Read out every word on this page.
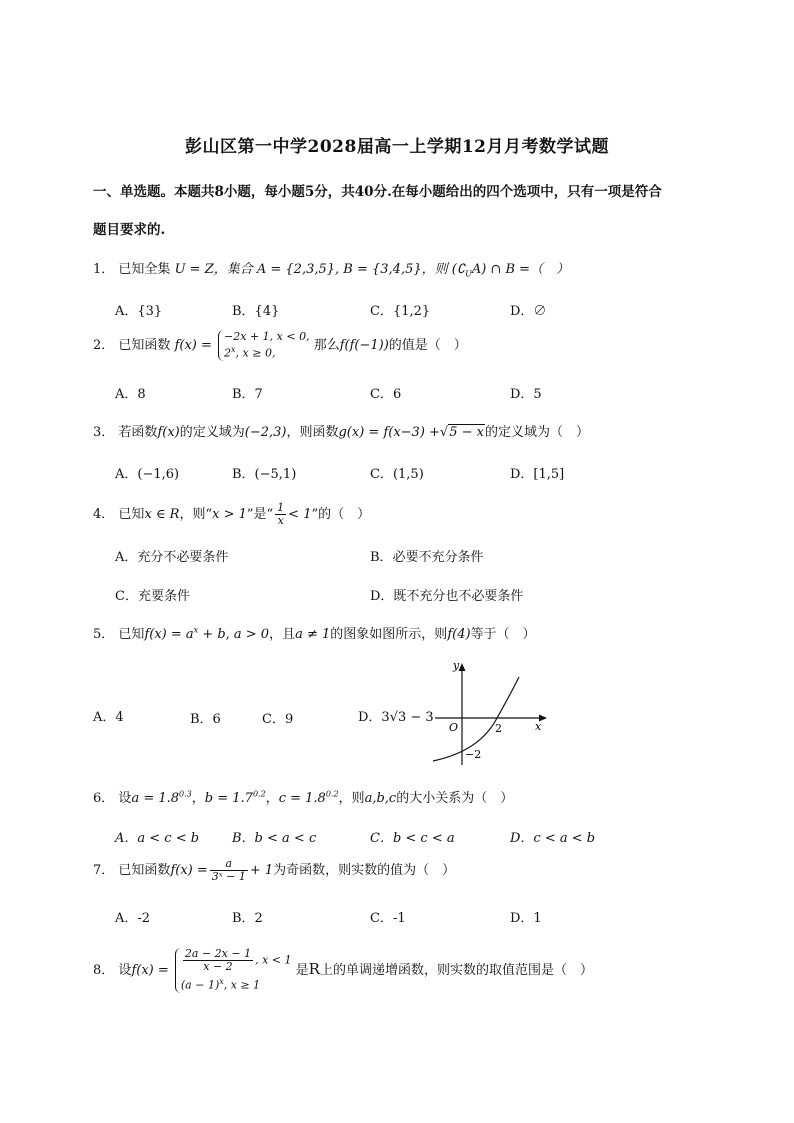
彭山区第一中学2028届高一上学期12月月考数学试题
一、单选题。本题共8小题，每小题5分，共40分.在每小题给出的四个选项中，只有一项是符合
题目要求的.
1． 已知全集 U = Z，集合 A = {2,3,5}, B = {3,4,5}，则 $(∁_UA)$ ∩ B =（　）
A．{3}	B．{4}	C．{1,2}	D．∅
2． 已知函数 f(x) =
−2x + 1, x < 0,
2$^x$, x ≥ 0,	那么f(f(−1))的值是（　）
A．8	B．7	C．6	D．5
3． 若函数f(x)的定义域为(−2,3)，则函数g(x) = f(x−3) +√5 − x的定义域为（　）
A．(−1,6)	B．(−5,1)	C．(1,5)	D．[1,5]
4． 已知x ∈ R，则“x > 1”是“ $\frac{1}{x} < 1$”的（　）
A．充分不必要条件	B．必要不充分条件
C．充要条件	D．既不充分也不必要条件
5． 已知$f(x) = a^x + b$, a > 0，且a ≠ 1的图象如图所示，则f(4)等于（　）
A．4	B．6	C．9	D．3√3 − 3
y
x
O	2
−2
6． 设$a = 1.8^{0.3}$，$b = 1.7^{0.2}$，$c = 1.8^{0.2}$，则a,b,c的大小关系为（　）
A．a < c < b	B．b < a < c	C．b < c < a	D．c < a < b
7． 已知函数$f(x) = \frac{a}{\text{3ˣ − 1}} + 1$为奇函数，则实数的值为（　）
A．-2	B．2	C．-1	D．1
8． 设$f(x) = \frac{2a - 2x - 1}{x - 2}$ , x < 1
$(a - 1)^x$, x ≥ 1
是R上的单调递增函数，则实数的取值范围是（　）
